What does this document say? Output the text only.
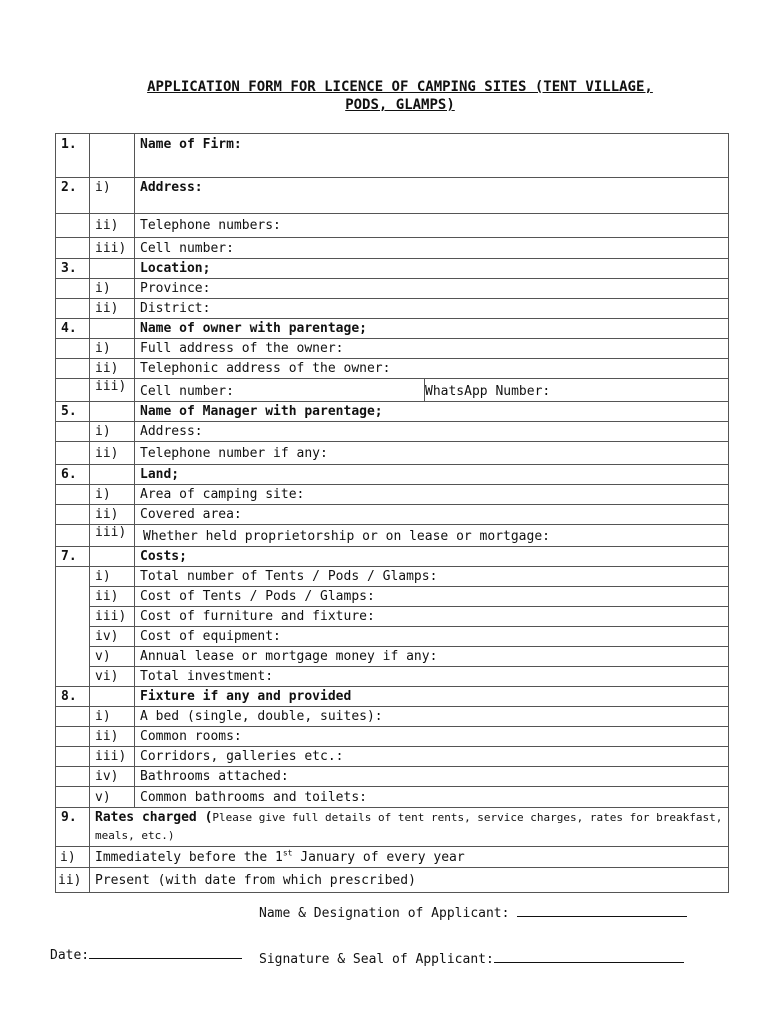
APPLICATION FORM FOR LICENCE OF CAMPING SITES (TENT VILLAGE,
PODS, GLAMPS)
1.		Name of Firm:	
2.	i)	Address:	
	ii)	Telephone numbers:	
	iii)	Cell number:	
3.		Location;	
	i)	Province:	
	ii)	District:	
4.		Name of owner with parentage;	
	i)	Full address of the owner:	
	ii)	Telephonic address of the owner:	
	iii)	Cell number:	WhatsApp Number:
5.		Name of Manager with parentage;	
	i)	Address:	
	ii)	Telephone number if any:	
6.		Land;	
	i)	Area of camping site:	
	ii)	Covered area:	
	iii)	Whether held proprietorship or on lease or mortgage:	
7.		Costs;	
	i)	Total number of Tents / Pods / Glamps:	
	ii)	Cost of Tents / Pods / Glamps:	
	iii)	Cost of furniture and fixture:	
	iv)	Cost of equipment:	
	v)	Annual lease or mortgage money if any:	
	vi)	Total investment:	
8.		Fixture if any and provided	
	i)	A bed (single, double, suites):	
	ii)	Common rooms:	
	iii)	Corridors, galleries etc.:	
	iv)	Bathrooms attached:	
	v)	Common bathrooms and toilets:	
9.	Rates charged (Please give full details of tent rents, service charges, rates for breakfast, meals, etc.)		
i)	Immediately before the 1st January of every year		
ii)	Present (with date from which prescribed)		
Name & Designation of Applicant:
Date:	Signature & Seal of Applicant:
